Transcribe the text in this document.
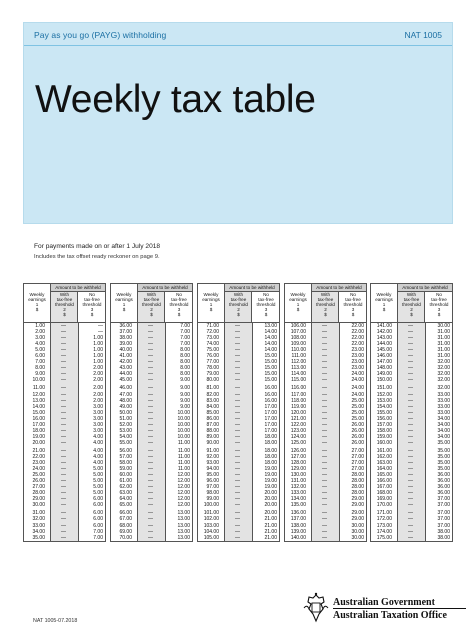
Pay as you go (PAYG) withholding	NAT 1005
Weekly tax table
For payments made on or after 1 July 2018
Includes the tax offset ready reckoner on page 9.
Amount to be withheld
Weekly
earnings
1
$
With
tax-free
threshold
2
$
No
tax-free
threshold
3
$
1.00	—	—
2.00	—	—
3.00	—	1.00
4.00	—	1.00
5.00	—	1.00
6.00	—	1.00
7.00	—	1.00
8.00	—	2.00
9.00	—	2.00
10.00	—	2.00
11.00	—	2.00
12.00	—	2.00
13.00	—	2.00
14.00	—	3.00
15.00	—	3.00
16.00	—	3.00
17.00	—	3.00
18.00	—	3.00
19.00	—	4.00
20.00	—	4.00
21.00	—	4.00
22.00	—	4.00
23.00	—	4.00
24.00	—	5.00
25.00	—	5.00
26.00	—	5.00
27.00	—	5.00
28.00	—	5.00
29.00	—	6.00
30.00	—	6.00
31.00	—	6.00
32.00	—	6.00
33.00	—	6.00
34.00	—	7.00
35.00	—	7.00
Amount to be withheld
Weekly
earnings
1
$
With
tax-free
threshold
2
$
No
tax-free
threshold
3
$
36.00	—	7.00
37.00	—	7.00
38.00	—	7.00
39.00	—	7.00
40.00	—	8.00
41.00	—	8.00
42.00	—	8.00
43.00	—	8.00
44.00	—	8.00
45.00	—	9.00
46.00	—	9.00
47.00	—	9.00
48.00	—	9.00
49.00	—	9.00
50.00	—	10.00
51.00	—	10.00
52.00	—	10.00
53.00	—	10.00
54.00	—	10.00
55.00	—	11.00
56.00	—	11.00
57.00	—	11.00
58.00	—	11.00
59.00	—	11.00
60.00	—	12.00
61.00	—	12.00
62.00	—	12.00
63.00	—	12.00
64.00	—	12.00
65.00	—	12.00
66.00	—	13.00
67.00	—	13.00
68.00	—	13.00
69.00	—	13.00
70.00	—	13.00
Amount to be withheld
Weekly
earnings
1
$
With
tax-free
threshold
2
$
No
tax-free
threshold
3
$
71.00	—	13.00
72.00	—	14.00
73.00	—	14.00
74.00	—	14.00
75.00	—	14.00
76.00	—	15.00
77.00	—	15.00
78.00	—	15.00
79.00	—	15.00
80.00	—	15.00
81.00	—	16.00
82.00	—	16.00
83.00	—	16.00
84.00	—	17.00
85.00	—	17.00
86.00	—	17.00
87.00	—	17.00
88.00	—	17.00
89.00	—	18.00
90.00	—	18.00
91.00	—	18.00
92.00	—	18.00
93.00	—	18.00
94.00	—	19.00
95.00	—	19.00
96.00	—	19.00
97.00	—	19.00
98.00	—	20.00
99.00	—	20.00
100.00	—	20.00
101.00	—	20.00
102.00	—	21.00
103.00	—	21.00
104.00	—	21.00
105.00	—	21.00
Amount to be withheld
Weekly
earnings
1
$
With
tax-free
threshold
2
$
No
tax-free
threshold
3
$
106.00	—	22.00
107.00	—	22.00
108.00	—	22.00
109.00	—	22.00
110.00	—	23.00
111.00	—	23.00
112.00	—	23.00
113.00	—	23.00
114.00	—	24.00
115.00	—	24.00
116.00	—	24.00
117.00	—	24.00
118.00	—	25.00
119.00	—	25.00
120.00	—	25.00
121.00	—	25.00
122.00	—	26.00
123.00	—	26.00
124.00	—	26.00
125.00	—	26.00
126.00	—	27.00
127.00	—	27.00
128.00	—	27.00
129.00	—	27.00
130.00	—	28.00
131.00	—	28.00
132.00	—	28.00
133.00	—	28.00
134.00	—	29.00
135.00	—	29.00
136.00	—	29.00
137.00	—	29.00
138.00	—	30.00
139.00	—	30.00
140.00	—	30.00
Amount to be withheld
Weekly
earnings
1
$
With
tax-free
threshold
2
$
No
tax-free
threshold
3
$
141.00	—	30.00
142.00	—	31.00
143.00	—	31.00
144.00	—	31.00
145.00	—	31.00
146.00	—	31.00
147.00	—	32.00
148.00	—	32.00
149.00	—	32.00
150.00	—	32.00
151.00	—	32.00
152.00	—	33.00
153.00	—	33.00
154.00	—	33.00
155.00	—	33.00
156.00	—	34.00
157.00	—	34.00
158.00	—	34.00
159.00	—	34.00
160.00	—	35.00
161.00	—	35.00
162.00	—	35.00
163.00	—	35.00
164.00	—	35.00
165.00	—	36.00
166.00	—	36.00
167.00	—	36.00
168.00	—	36.00
169.00	—	37.00
170.00	—	37.00
171.00	—	37.00
172.00	—	37.00
173.00	—	37.00
174.00	—	38.00
175.00	—	38.00
Australian Government
Australian Taxation Office
NAT 1005-07.2018
